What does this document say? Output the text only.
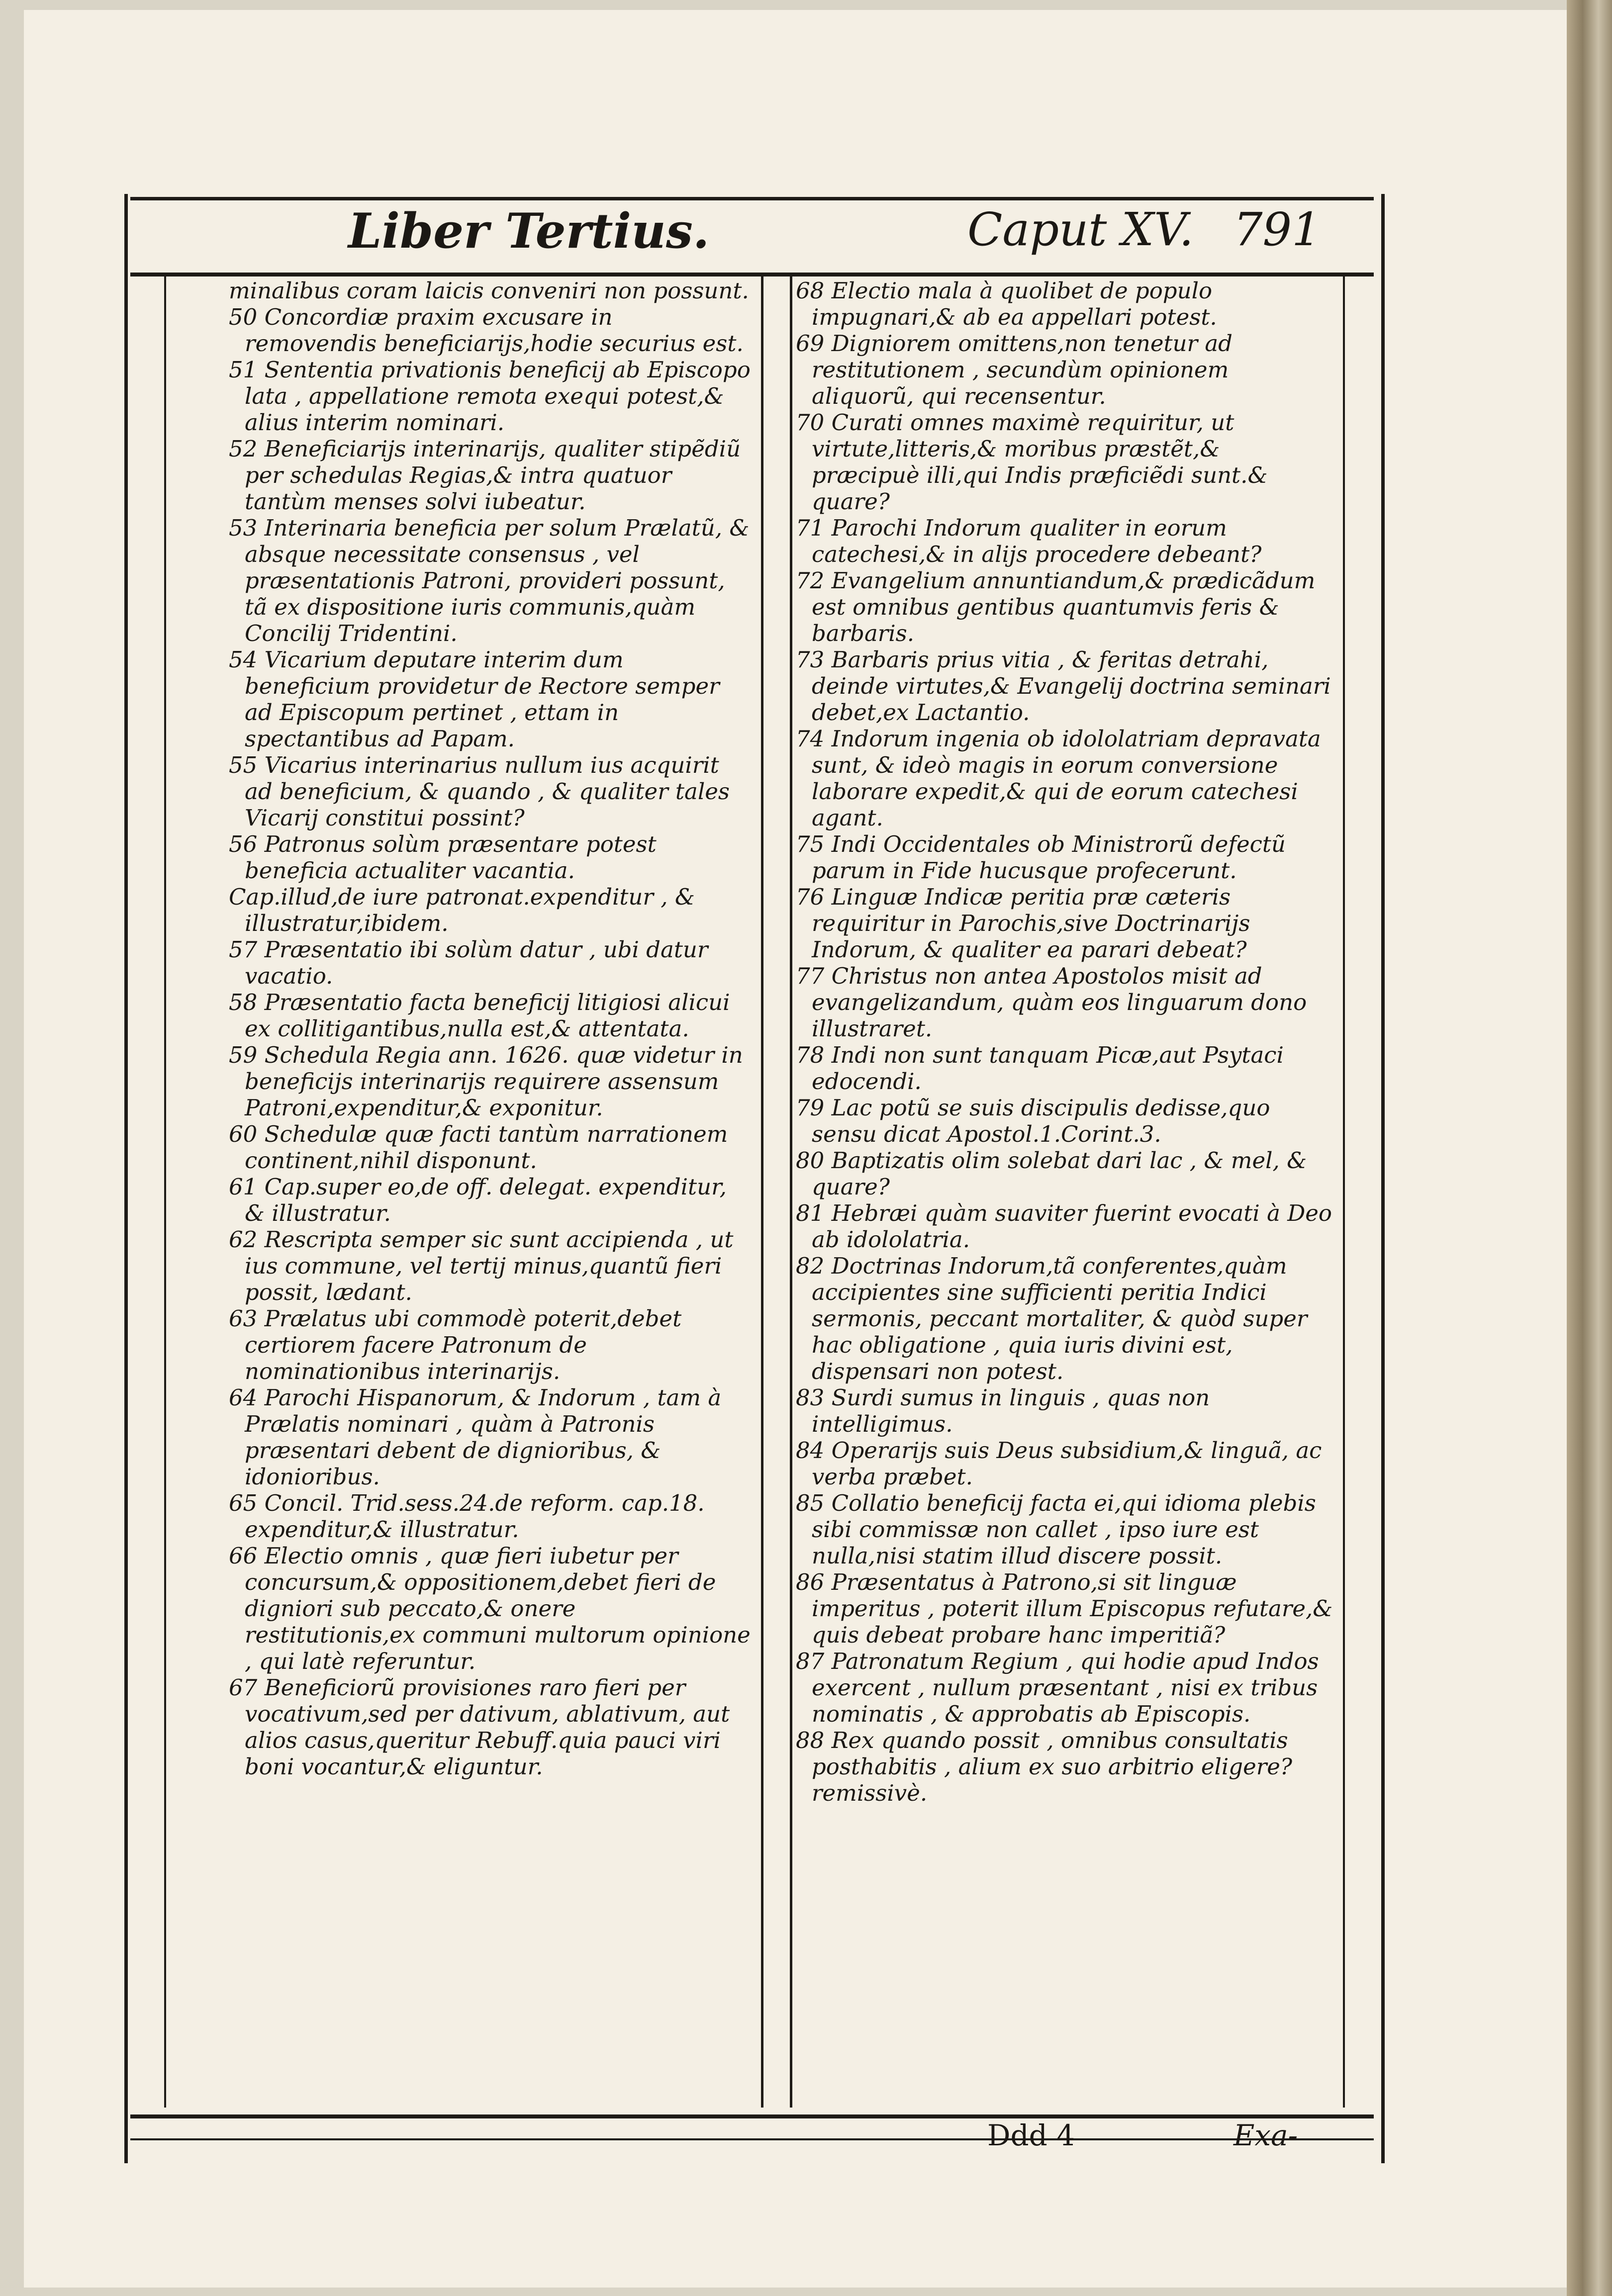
Liber Tertius.	Caput XV. 791

minalibus coram laicis conveniri non possunt.

50 Concordiæ praxim excusare in removendis beneficiarijs,hodie securius est.

51 Sententia privationis beneficij ab Episcopo lata , appellatione remota exequi potest,& alius interim nominari.

52 Beneficiarijs interinarijs, qualiter stipẽdiũ per schedulas Regias,& intra quatuor tantùm menses solvi iubeatur.

53 Interinaria beneficia per solum Prælatũ, & absque necessitate consensus , vel præsentationis Patroni, provideri possunt, tã ex dispositione iuris communis,quàm Concilij Tridentini.

54 Vicarium deputare interim dum beneficium providetur de Rectore semper ad Episcopum pertinet , ettam in spectantibus ad Papam.

55 Vicarius interinarius nullum ius acquirit ad beneficium, & quando , & qualiter tales Vicarij constitui possint?

56 Patronus solùm præsentare potest beneficia actualiter vacantia.

Cap.illud,de iure patronat.expenditur , & illustratur,ibidem.

57 Præsentatio ibi solùm datur , ubi datur vacatio.

58 Præsentatio facta beneficij litigiosi alicui ex collitigantibus,nulla est,& attentata.

59 Schedula Regia ann. 1626. quæ videtur in beneficijs interinarijs requirere assensum Patroni,expenditur,& exponitur.

60 Schedulæ quæ facti tantùm narrationem continent,nihil disponunt.

61 Cap.super eo,de off. delegat. expenditur, & illustratur.

62 Rescripta semper sic sunt accipienda , ut ius commune, vel tertij minus,quantũ fieri possit, lædant.

63 Prælatus ubi commodè poterit,debet certiorem facere Patronum de nominationibus interinarijs.

64 Parochi Hispanorum, & Indorum , tam à Prælatis nominari , quàm à Patronis præsentari debent de dignioribus, & idonioribus.

65 Concil. Trid.sess.24.de reform. cap.18. expenditur,& illustratur.

66 Electio omnis , quæ fieri iubetur per concursum,& oppositionem,debet fieri de digniori sub peccato,& onere restitutionis,ex communi multorum opinione , qui latè referuntur.

67 Beneficiorũ provisiones raro fieri per vocativum,sed per dativum, ablativum, aut alios casus,queritur Rebuff.quia pauci viri boni vocantur,& eliguntur.

68 Electio mala à quolibet de populo impugnari,& ab ea appellari potest.

69 Digniorem omittens,non tenetur ad restitutionem , secundùm opinionem aliquorũ, qui recensentur.

70 Curati omnes maximè requiritur, ut virtute,litteris,& moribus præstẽt,& præcipuè illi,qui Indis præficiẽdi sunt.& quare?

71 Parochi Indorum qualiter in eorum catechesi,& in alijs procedere debeant?

72 Evangelium annuntiandum,& prædicãdum est omnibus gentibus quantumvis feris & barbaris.

73 Barbaris prius vitia , & feritas detrahi, deinde virtutes,& Evangelij doctrina seminari debet,ex Lactantio.

74 Indorum ingenia ob idololatriam depravata sunt, & ideò magis in eorum conversione laborare expedit,& qui de eorum catechesi agant.

75 Indi Occidentales ob Ministrorũ defectũ parum in Fide hucusque profecerunt.

76 Linguæ Indicæ peritia præ cæteris requiritur in Parochis,sive Doctrinarijs Indorum, & qualiter ea parari debeat?

77 Christus non antea Apostolos misit ad evangelizandum, quàm eos linguarum dono illustraret.

78 Indi non sunt tanquam Picæ,aut Psytaci edocendi.

79 Lac potũ se suis discipulis dedisse,quo sensu dicat Apostol.1.Corint.3.

80 Baptizatis olim solebat dari lac , & mel, & quare?

81 Hebræi quàm suaviter fuerint evocati à Deo ab idololatria.

82 Doctrinas Indorum,tã conferentes,quàm accipientes sine sufficienti peritia Indici sermonis, peccant mortaliter, & quòd super hac obligatione , quia iuris divini est, dispensari non potest.

83 Surdi sumus in linguis , quas non intelligimus.

84 Operarijs suis Deus subsidium,& linguã, ac verba præbet.

85 Collatio beneficij facta ei,qui idioma plebis sibi commissæ non callet , ipso iure est nulla,nisi statim illud discere possit.

86 Præsentatus à Patrono,si sit linguæ imperitus , poterit illum Episcopus refutare,& quis debeat probare hanc imperitiã?

87 Patronatum Regium , qui hodie apud Indos exercent , nullum præsentant , nisi ex tribus nominatis , & approbatis ab Episcopis.

88 Rex quando possit , omnibus consultatis posthabitis , alium ex suo arbitrio eligere? remissivè.

Ddd 4	Exa-
